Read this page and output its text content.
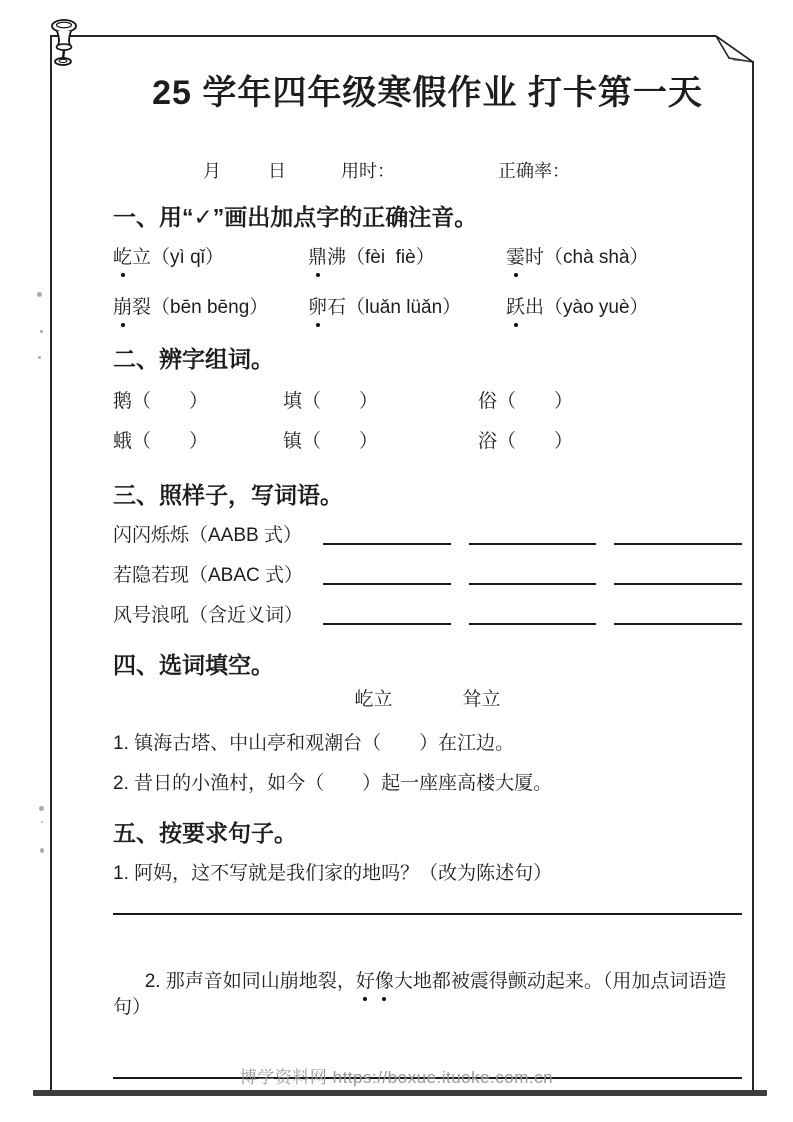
25 学年四年级寒假作业 打卡第一天
月	日	用时：	正确率：
一、用“✓”画出加点字的正确注音。
屹立（yì qǐ）	鼎沸（fèi  fiè）	霎时（chà shà）
崩裂（bēn bēng）	卵石（luǎn lüǎn）	跃出（yào yuè）
二、辨字组词。
鹅（　　）	填（　　）	俗（　　）
蛾（　　）	镇（　　）	浴（　　）
三、照样子，写词语。
闪闪烁烁（AABB 式）
若隐若现（ABAC 式）
风号浪吼（含近义词）
四、选词填空。
屹立	耸立

1. 镇海古塔、中山亭和观潮台（　　）在江边。

2. 昔日的小渔村，如今（　　）起一座座高楼大厦。

五、按要求句子。

1. 阿妈，这不写就是我们家的地吗？（改为陈述句）

2. 那声音如同山崩地裂，好像大地都被震得颤动起来。（用加点词语造句）

博学资料网 https://boxue.ituoke.com.cn
